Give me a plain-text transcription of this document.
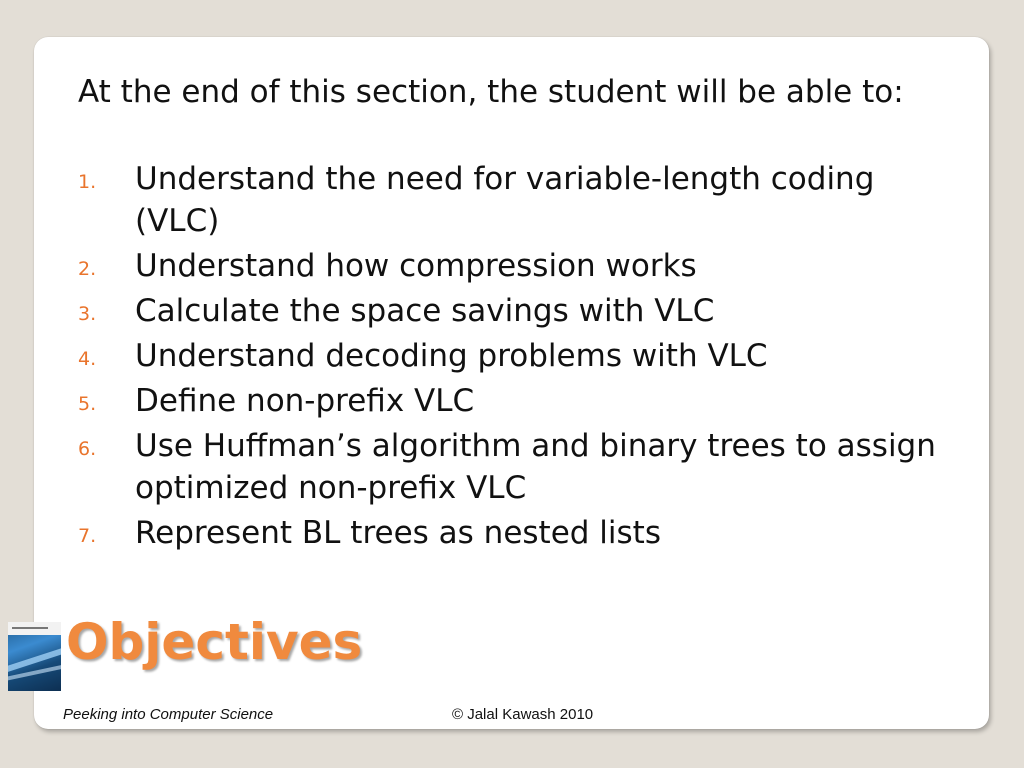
At the end of this section, the student will be able to:
1. Understand the need for variable-length coding (VLC)
2. Understand how compression works
3. Calculate the space savings with VLC
4. Understand decoding problems with VLC
5. Define non-prefix VLC
6. Use Huffman’s algorithm and binary trees to assign optimized non-prefix VLC
7. Represent BL trees as nested lists
Objectives
Peeking into Computer Science	© Jalal Kawash 2010
